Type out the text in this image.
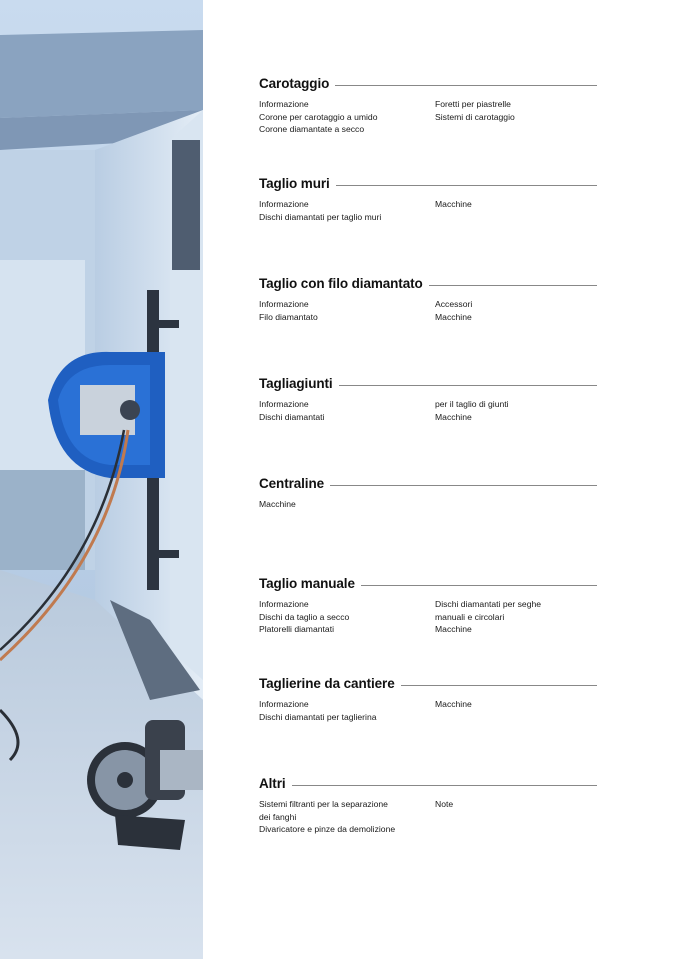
Carotaggio
Informazione
Corone per carotaggio a umido
Corone diamantate a secco
Foretti per piastrelle
Sistemi di carotaggio
Taglio muri
Informazione
Dischi diamantati per taglio muri
Macchine
Taglio con filo diamantato
Informazione
Filo diamantato
Accessori
Macchine
Tagliagiunti
Informazione
Dischi diamantati
per il taglio di giunti
Macchine
Centraline
Macchine
Taglio manuale
Informazione
Dischi da taglio a secco
Platorelli diamantati
Dischi diamantati per seghe
manuali e circolari
Macchine
Taglierine da cantiere
Informazione
Dischi diamantati per taglierina
Macchine
Altri
Sistemi filtranti per la separazione
dei fanghi
Divaricatore e pinze da demolizione
Note
